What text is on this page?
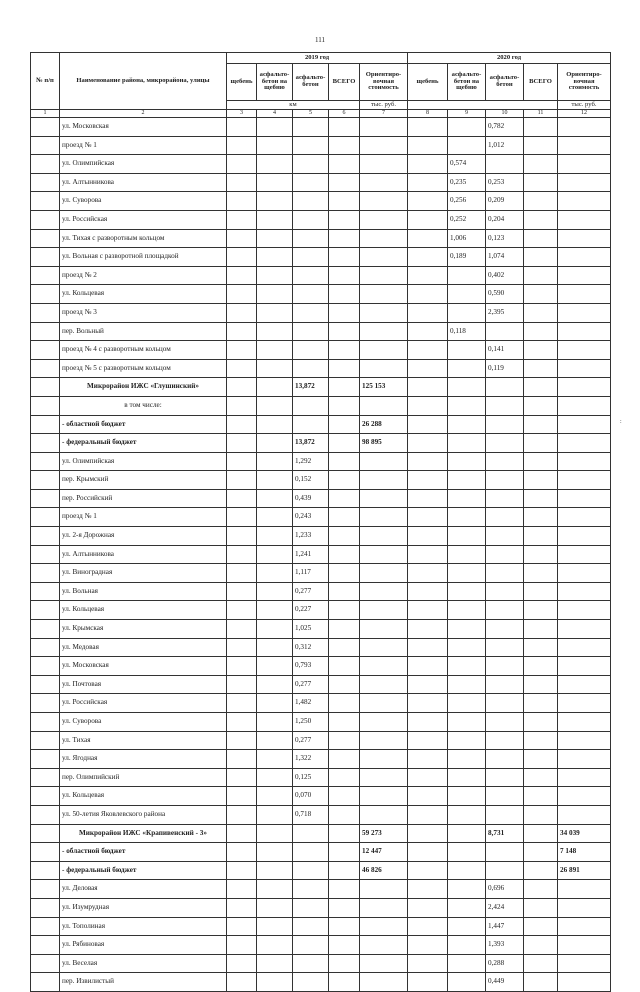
111
№ п/п	Наименование района, микрорайона, улицы	2019 год					2020 год				
		щебень	асфальто-бетон на щебню	асфальто-бетон	ВСЕГО	Ориентиро-вочная стоимость	щебень	асфальто-бетон на щебню	асфальто-бетон	ВСЕГО	Ориентиро-вочная стоимость
		км				тыс. руб.					тыс. руб.
1	2	3	4	5	6	7	8	9	10	11	12
	ул. Московская								0,782		
	проезд № 1								1,012		
	ул. Олимпийская							0,574			
	ул. Алтынникова							0,235	0,253		
	ул. Суворова							0,256	0,209		
	ул. Российская							0,252	0,204		
	ул. Тихая с разворотным кольцом							1,006	0,123		
	ул. Вольная с разворотной площадкой							0,189	1,074		
	проезд № 2								0,402		
	ул. Кольцевая								0,590		
	проезд № 3								2,395		
	пер. Вольный							0,118			
	проезд № 4 с разворотным кольцом								0,141		
	проезд № 5 с разворотным кольцом								0,119		
	Микрорайон ИЖС «Глушинский»			13,872		125 153					
	в том числе:										
	- областной бюджет					26 288					
	- федеральный бюджет			13,872		98 895					
	ул. Олимпийская			1,292							
	пер. Крымский			0,152							
	пер. Российский			0,439							
	проезд № 1			0,243							
	ул. 2-я Дорожная			1,233							
	ул. Алтынникова			1,241							
	ул. Виноградная			1,117							
	ул. Вольная			0,277							
	ул. Кольцевая			0,227							
	ул. Крымская			1,025							
	ул. Медовая			0,312							
	ул. Московская			0,793							
	ул. Почтовая			0,277							
	ул. Российская			1,482							
	ул. Суворова			1,250							
	ул. Тихая			0,277							
	ул. Ягодная			1,322							
	пер. Олимпийский			0,125							
	ул. Кольцевая			0,070							
	ул. 50-летия Яковлевского района			0,718							
	Микрорайон ИЖС «Крапивенский - 3»					59 273			8,731		34 039
	- областной бюджет					12 447					7 148
	- федеральный бюджет					46 826					26 891
	ул. Деловая								0,696		
	ул. Изумрудная								2,424		
	ул. Тополиная								1,447		
	ул. Рябиновая								1,393		
	ул. Веселая								0,288		
	пер. Извилистый								0,449		
:
